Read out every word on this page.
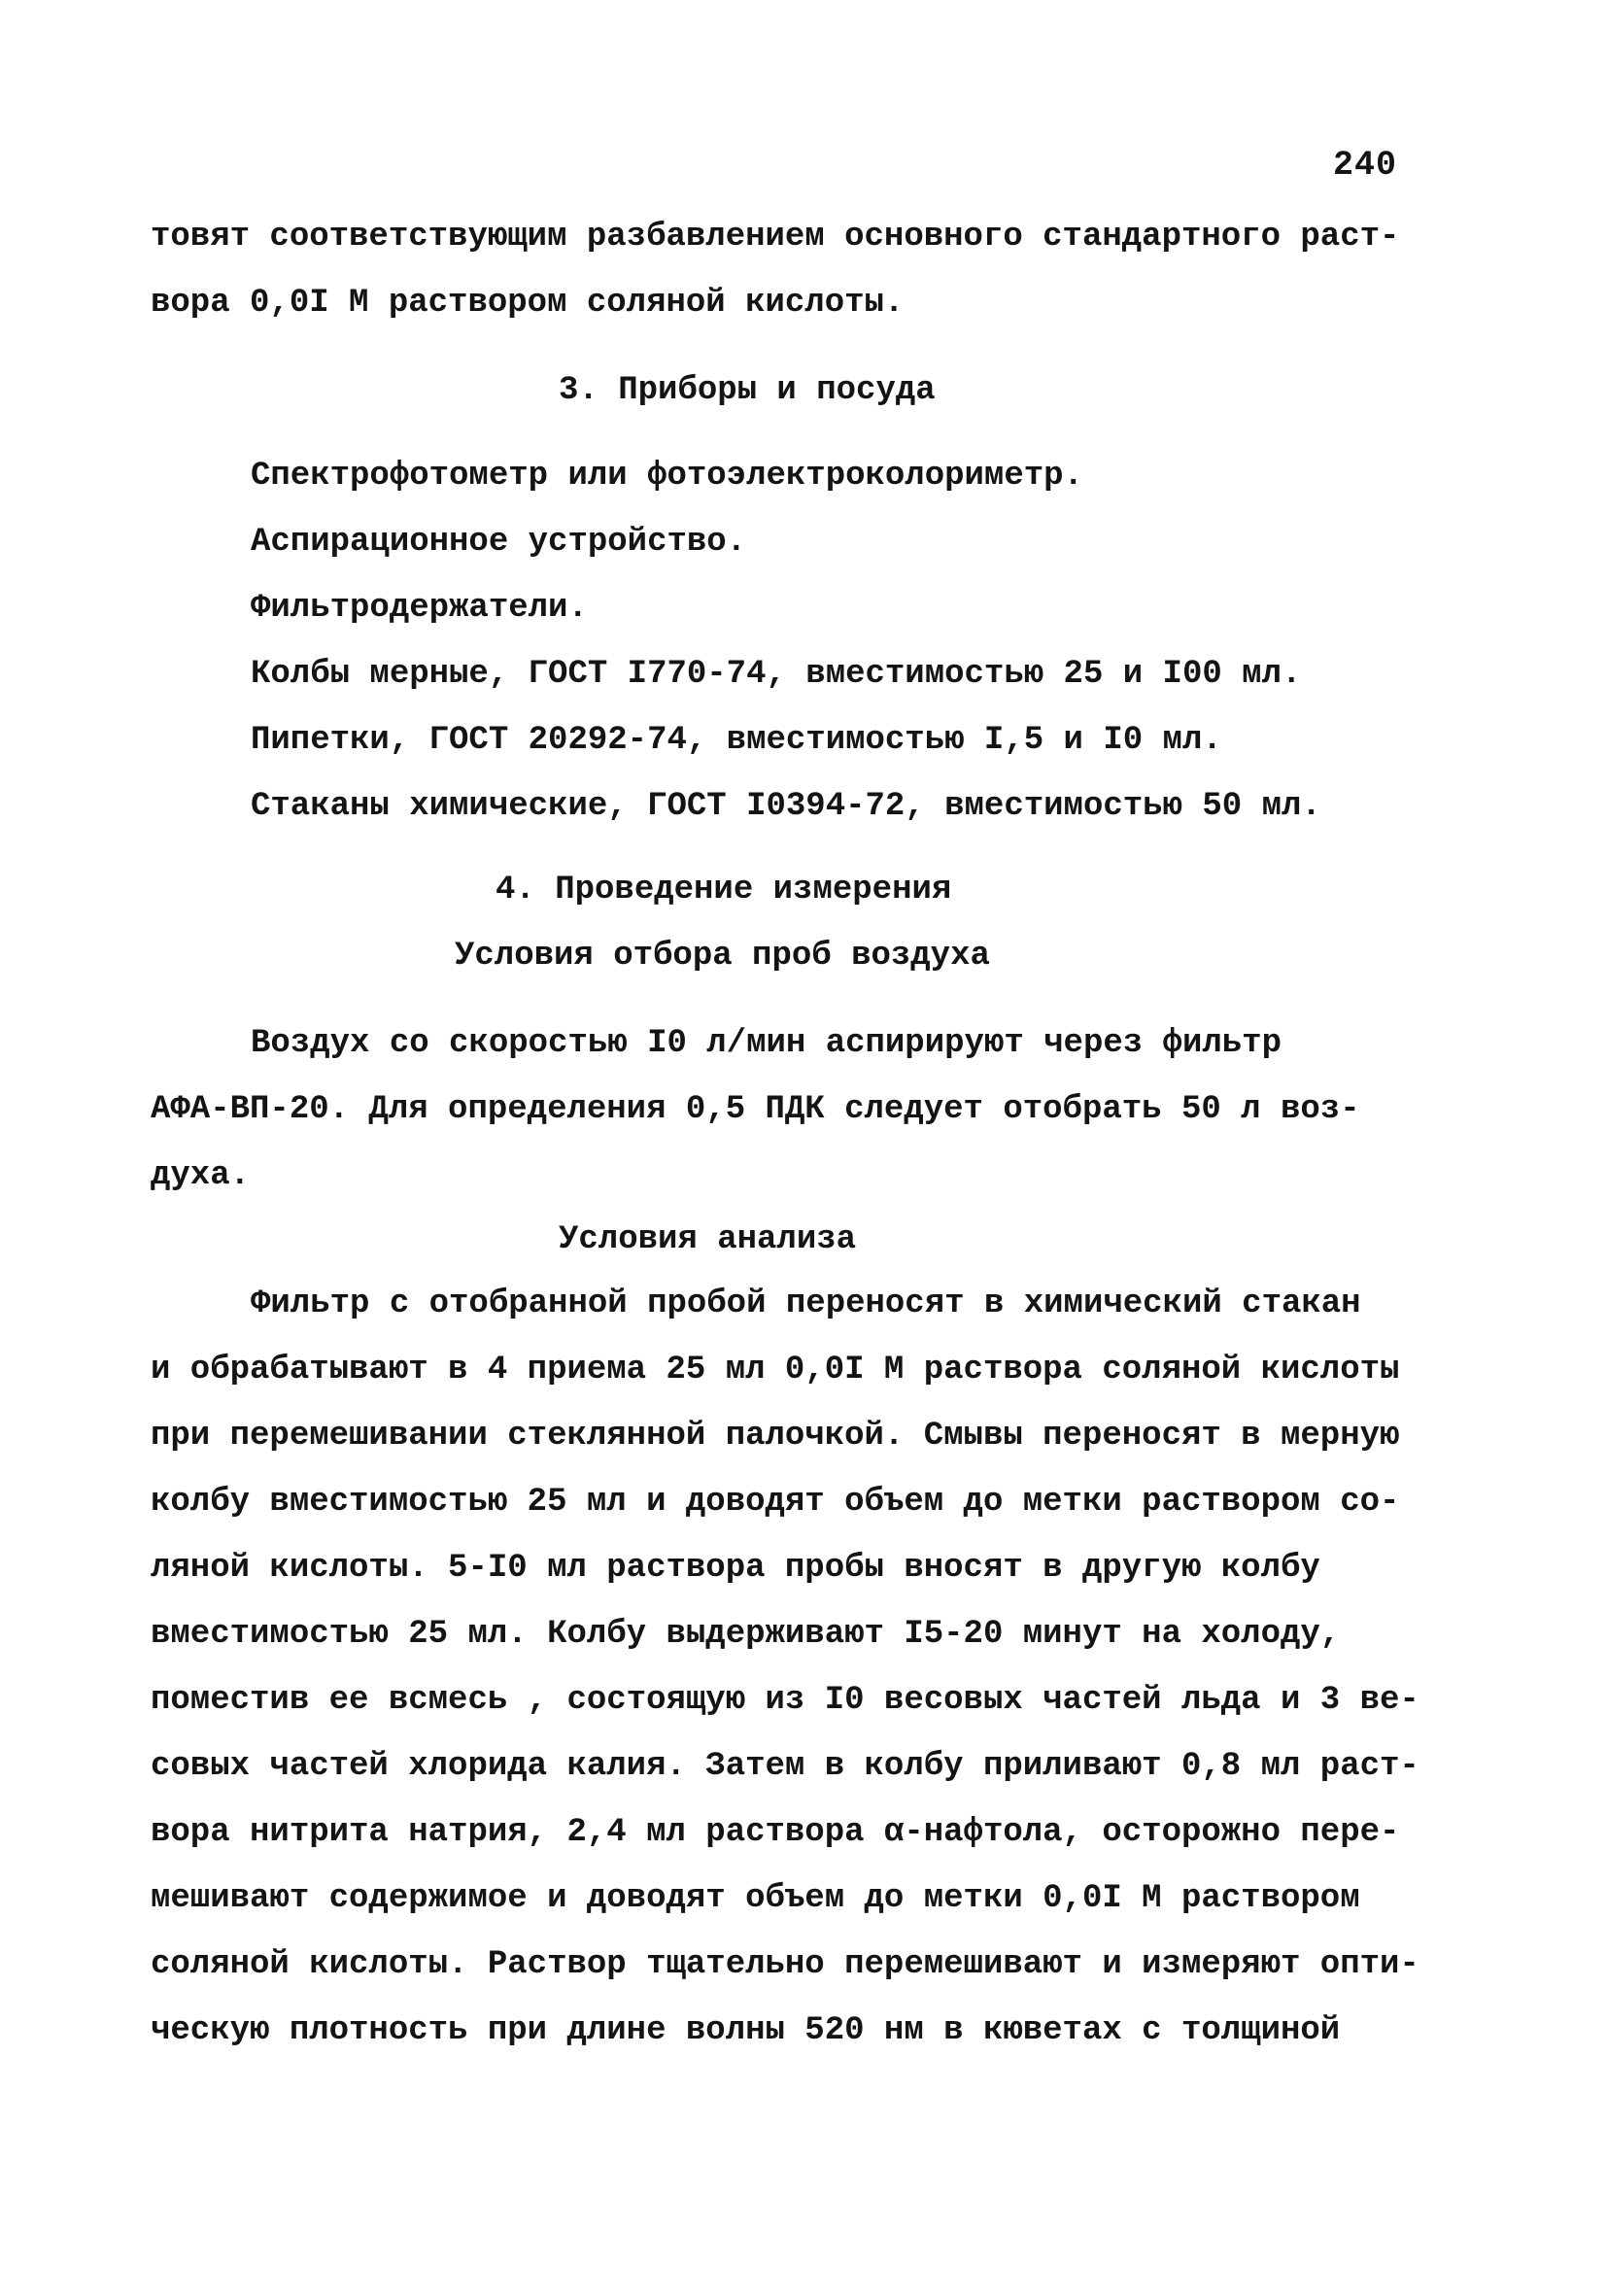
240
товят соответствующим разбавлением основного стандартного раст-
вора 0,0I М раствором соляной кислоты.
3. Приборы и посуда
Спектрофотометр или фотоэлектроколориметр.
Аспирационное устройство.
Фильтродержатели.
Колбы мерные, ГОСТ I770-74, вместимостью 25 и I00 мл.
Пипетки, ГОСТ 20292-74, вместимостью I,5 и I0 мл.
Стаканы химические, ГОСТ I0394-72, вместимостью 50 мл.
4. Проведение измерения
Условия отбора проб воздуха
Воздух со скоростью I0 л/мин аспирируют через фильтр
АФА-ВП-20. Для определения 0,5 ПДК следует отобрать 50 л воз-
духа.
Условия анализа
Фильтр с отобранной пробой переносят в химический стакан
и обрабатывают в 4 приема 25 мл 0,0I М раствора соляной кислоты
при перемешивании стеклянной палочкой. Смывы переносят в мерную
колбу вместимостью 25 мл и доводят объем до метки раствором со-
ляной кислоты. 5-I0 мл раствора пробы вносят в другую колбу
вместимостью 25 мл. Колбу выдерживают I5-20 минут на холоду,
поместив ее всмесь , состоящую из I0 весовых частей льда и 3 ве-
совых частей хлорида калия. Затем в колбу приливают 0,8 мл раст-
вора нитрита натрия, 2,4 мл раствора α-нафтола, осторожно пере-
мешивают содержимое и доводят объем до метки 0,0I М раствором
соляной кислоты. Раствор тщательно перемешивают и измеряют опти-
ческую плотность при длине волны 520 нм в кюветах с толщиной
